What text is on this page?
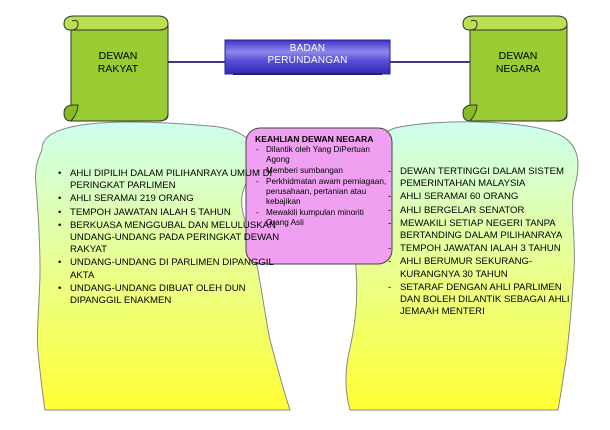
DEWAN
RAKYAT
DEWAN
NEGARA
BADAN
PERUNDANGAN
KEAHLIAN DEWAN NEGARA
- Dilantik oleh Yang DiPertuan Agong
- Memberi sumbangan
- Perkhidmatan awam perniagaan, perusahaan, pertanian atau kebajikan
- Mewakili kumpulan minoriti Orang Asli
• AHLI DIPILIH DALAM PILIHANRAYA UMUM DI PERINGKAT PARLIMEN
• AHLI SERAMAI 219 ORANG
• TEMPOH JAWATAN IALAH 5 TAHUN
• BERKUASA MENGGUBAL DAN MELULUSKAN UNDANG-UNDANG PADA PERINGKAT DEWAN RAKYAT
• UNDANG-UNDANG DI PARLIMEN DIPANGGIL AKTA
• UNDANG-UNDANG DIBUAT OLEH DUN DIPANGGIL ENAKMEN
- DEWAN TERTINGGI DALAM SISTEM PEMERINTAHAN MALAYSIA
- AHLI SERAMAI 60 ORANG
- AHLI BERGELAR SENATOR
- MEWAKILI SETIAP NEGERI TANPA BERTANDING DALAM PILIHANRAYA
- TEMPOH JAWATAN IALAH 3 TAHUN
- AHLI BERUMUR SEKURANG-KURANGNYA 30 TAHUN
- SETARAF DENGAN AHLI PARLIMEN DAN BOLEH DILANTIK SEBAGAI AHLI JEMAAH MENTERI
